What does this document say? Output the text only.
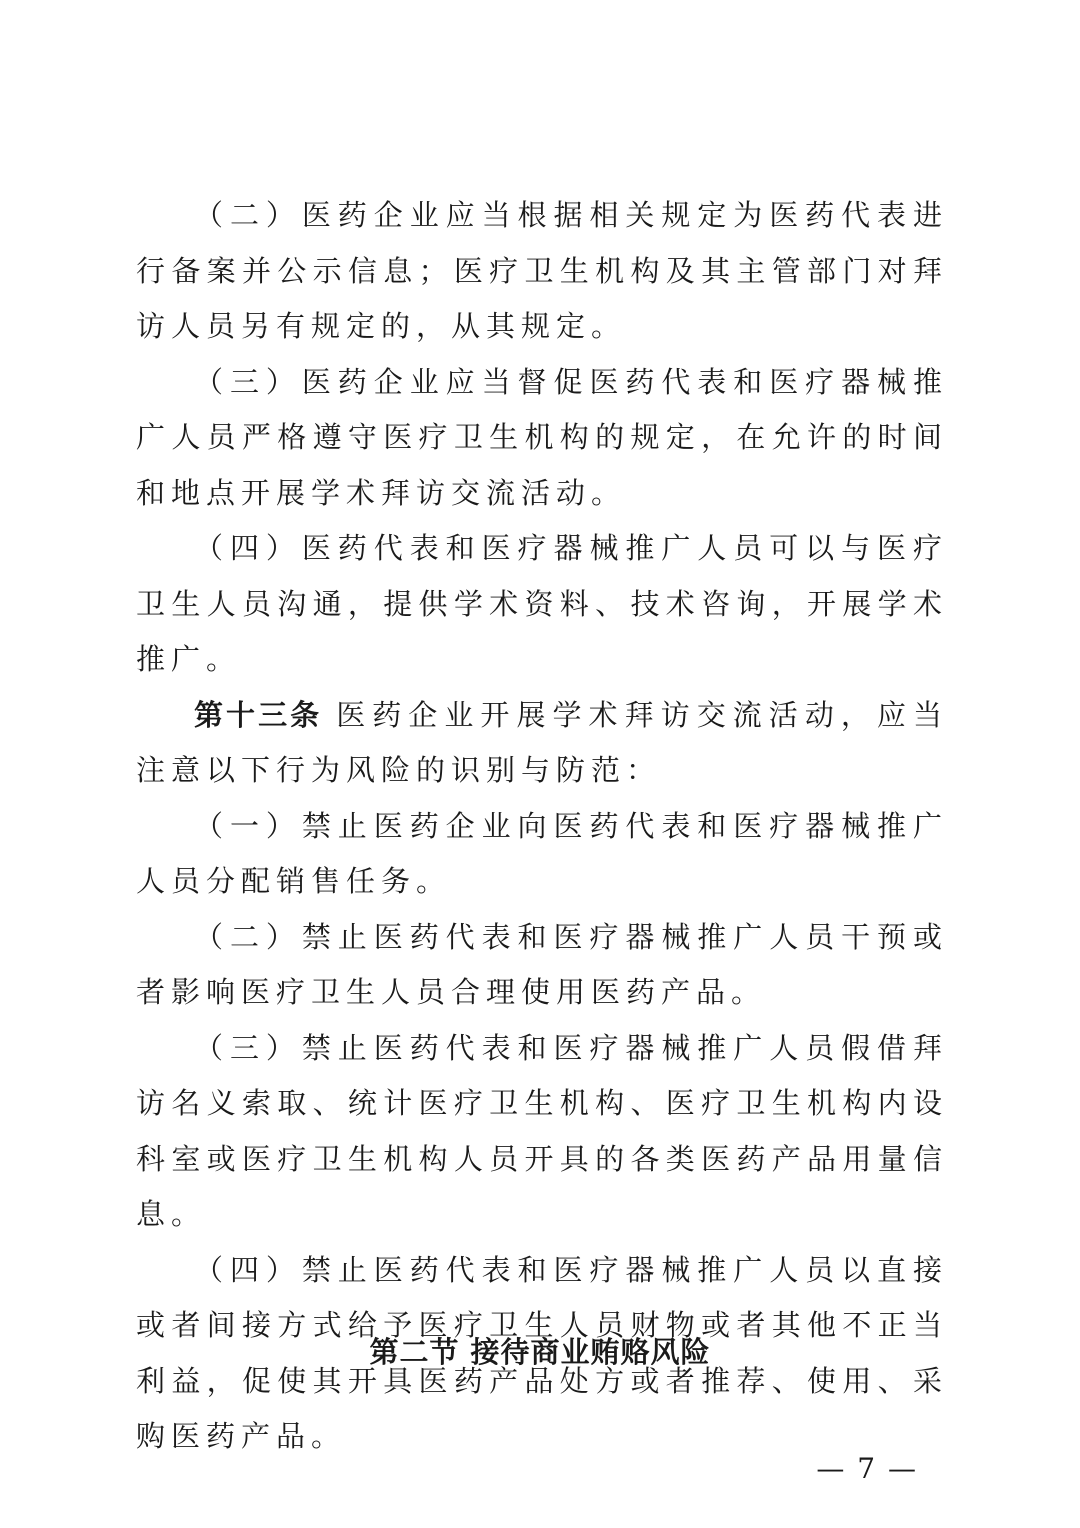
（二）医药企业应当根据相关规定为医药代表进行备案并公示信息；医疗卫生机构及其主管部门对拜访人员另有规定的，从其规定。

（三）医药企业应当督促医药代表和医疗器械推广人员严格遵守医疗卫生机构的规定，在允许的时间和地点开展学术拜访交流活动。

（四）医药代表和医疗器械推广人员可以与医疗卫生人员沟通，提供学术资料、技术咨询，开展学术推广。

第十三条 医药企业开展学术拜访交流活动，应当注意以下行为风险的识别与防范：

（一）禁止医药企业向医药代表和医疗器械推广人员分配销售任务。

（二）禁止医药代表和医疗器械推广人员干预或者影响医疗卫生人员合理使用医药产品。

（三）禁止医药代表和医疗器械推广人员假借拜访名义索取、统计医疗卫生机构、医疗卫生机构内设科室或医疗卫生机构人员开具的各类医药产品用量信息。

（四）禁止医药代表和医疗器械推广人员以直接或者间接方式给予医疗卫生人员财物或者其他不正当利益，促使其开具医药产品处方或者推荐、使用、采购医药产品。

第二节 接待商业贿赂风险
— 7 —
